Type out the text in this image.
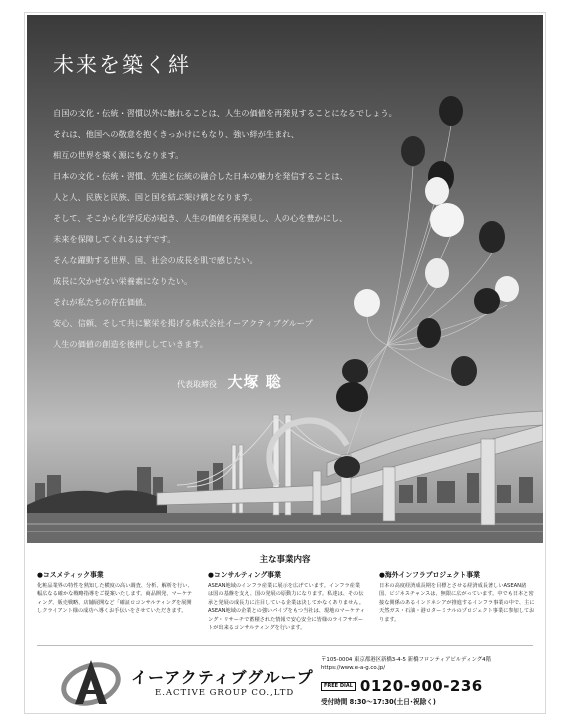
未来を築く絆
自国の文化・伝統・習慣以外に触れることは、人生の価値を再発見することになるでしょう。
それは、他国への敬意を抱くきっかけにもなり、強い絆が生まれ、
相互の世界を築く源にもなります。
日本の文化・伝統・習慣、先進と伝統の融合した日本の魅力を発信することは、
人と人、民族と民族、国と国を結ぶ架け橋となります。
そして、そこから化学反応が起き、人生の価値を再発見し、人の心を豊かにし、
未来を保障してくれるはずです。
そんな躍動する世界、国、社会の成長を肌で感じたい。
成長に欠かせない栄養素になりたい。
それが私たちの存在価値。
安心、信頼、そして共に繁栄を掲げる株式会社イーアクティブグループ
人生の価値の創造を後押ししていきます。
代表取締役 大塚 聡
主な事業内容
●コスメティック事業
化粧品業界の特性を熟知した横度の高い調査、分析、解析を行い、幅広なる確かな戦略指導をご提案いたします。商品開発、マーケティング、販売戦略、店舗展開など「確証ロコンサルティングを展開しクライアント様の成功へ導くお手伝いをさせていただきます。
●コンサルティング事業
ASEAN地域のインフラ産業に展示を広げています。インフラ産業は国の基盤を支え、国の発展の原動力になります。私達は、その伝承と発展の成長力に注目している企業は決してかなくありません。ASEAN地域の企業との強いパイプをもつ当社は、現地のマーケティング・リサーチで蓄積された情報で安心安全に皆様のライフサポートが出来るコンサルティングを行います。
●海外インフラプロジェクト事業
日本の高度経済成長期を目標とさせる経済成長著しいASEAN諸国、ビジネスチャンスは、無限に広がっています。中でも日本と密接な関係のあるインドネシアが推進するインフラ事業の中で、主に天然ガス・石油・港ロターミナルのプロジェクト事業に参加しております。
イーアクティブグループ
E.ACTIVE GROUP CO.,LTD
〒105-0004 東京都港区新橋3-4-5 新橋フロンティアビルディング4階
https://www.e-a-g.co.jp/
FREE DIAL 0120-900-236
受付時間 8:30〜17:30(土日･祝除く)
